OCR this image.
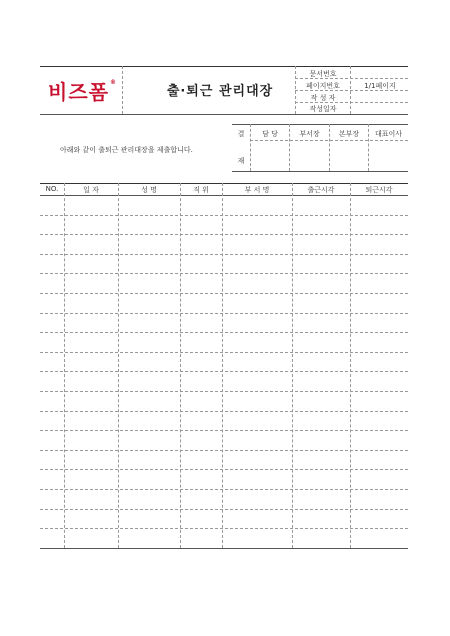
비즈폼®
출·퇴근 관리대장
문서번호
페이지번호	1/1페이지
작 성 자
작성일자
결
재
담 당	부서장	본부장	대표이사
아래와 같이 출퇴근 관리대장을 제출합니다.
NO.	일 자	성 명	직 위	부 서 명	출근시각	퇴근시각
